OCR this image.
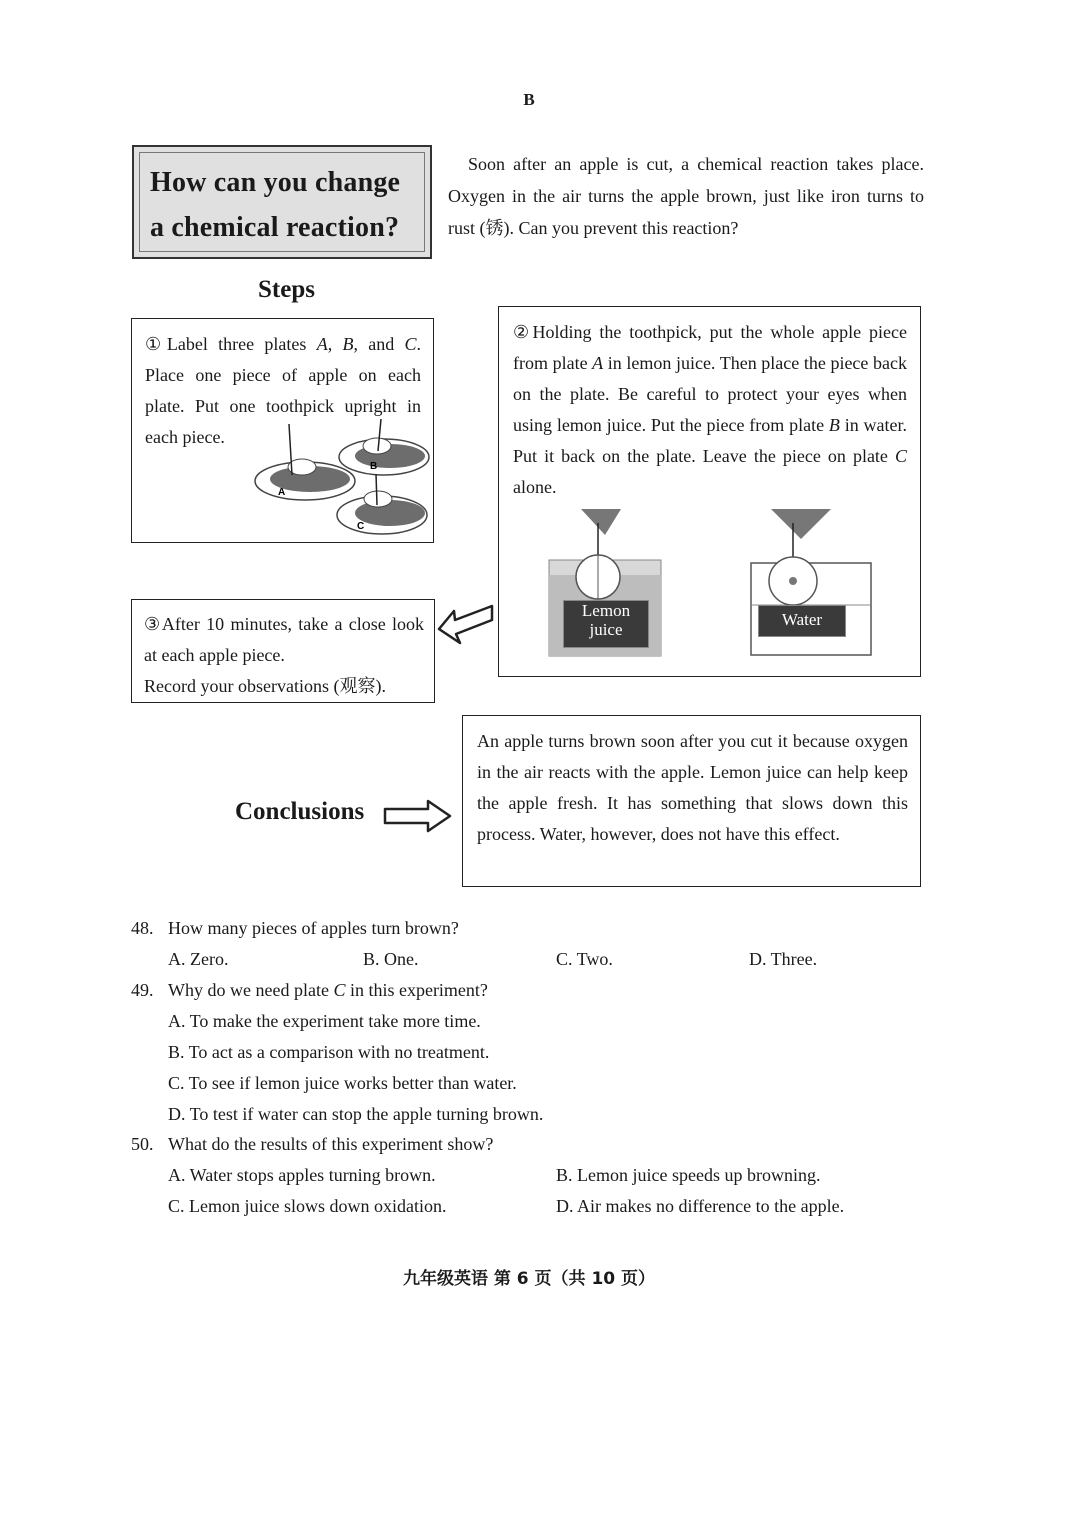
B
How can you change
a chemical reaction?
Soon after an apple is cut, a chemical reaction takes place. Oxygen in the air turns the apple brown, just like iron turns to rust (锈). Can you prevent this reaction?
Steps
①Label three plates A, B, and C. Place one piece of apple on each plate. Put one toothpick upright in each piece.
A
B
C
②Holding the toothpick, put the whole apple piece from plate A in lemon juice. Then place the piece back on the plate. Be careful to protect your eyes when using lemon juice. Put the piece from plate B in water. Put it back on the plate. Leave the piece on plate C alone.
Lemon
juice
Water
③After 10 minutes, take a close look at each apple piece.
Record your observations (观察).
Conclusions
An apple turns brown soon after you cut it because oxygen in the air reacts with the apple. Lemon juice can help keep the apple fresh. It has something that slows down this process. Water, however, does not have this effect.
48. How many pieces of apples turn brown?
A. Zero.	B. One.	C. Two.	D. Three.
49. Why do we need plate C in this experiment?
A. To make the experiment take more time.
B. To act as a comparison with no treatment.
C. To see if lemon juice works better than water.
D. To test if water can stop the apple turning brown.
50. What do the results of this experiment show?
A. Water stops apples turning brown.	B. Lemon juice speeds up browning.
C. Lemon juice slows down oxidation.	D. Air makes no difference to the apple.
九年级英语 第 6 页（共 10 页）
